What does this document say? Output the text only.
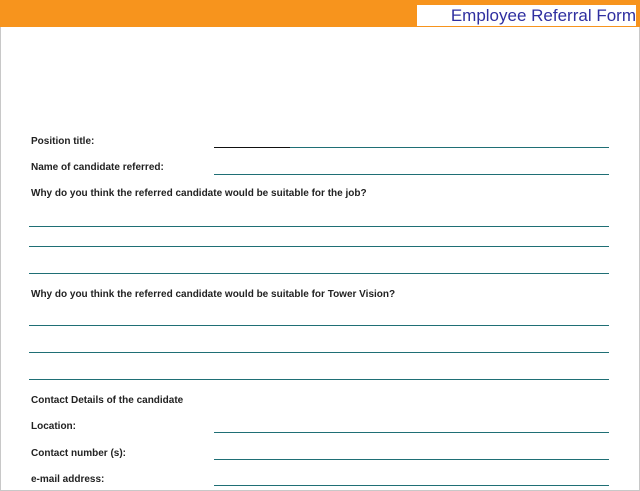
Employee Referral Form
Position title:
Name of candidate referred:
Why do you think the referred candidate would be suitable for the job?
Why do you think the referred candidate would be suitable for Tower Vision?
Contact Details of the candidate
Location:
Contact number (s):
e-mail address:
